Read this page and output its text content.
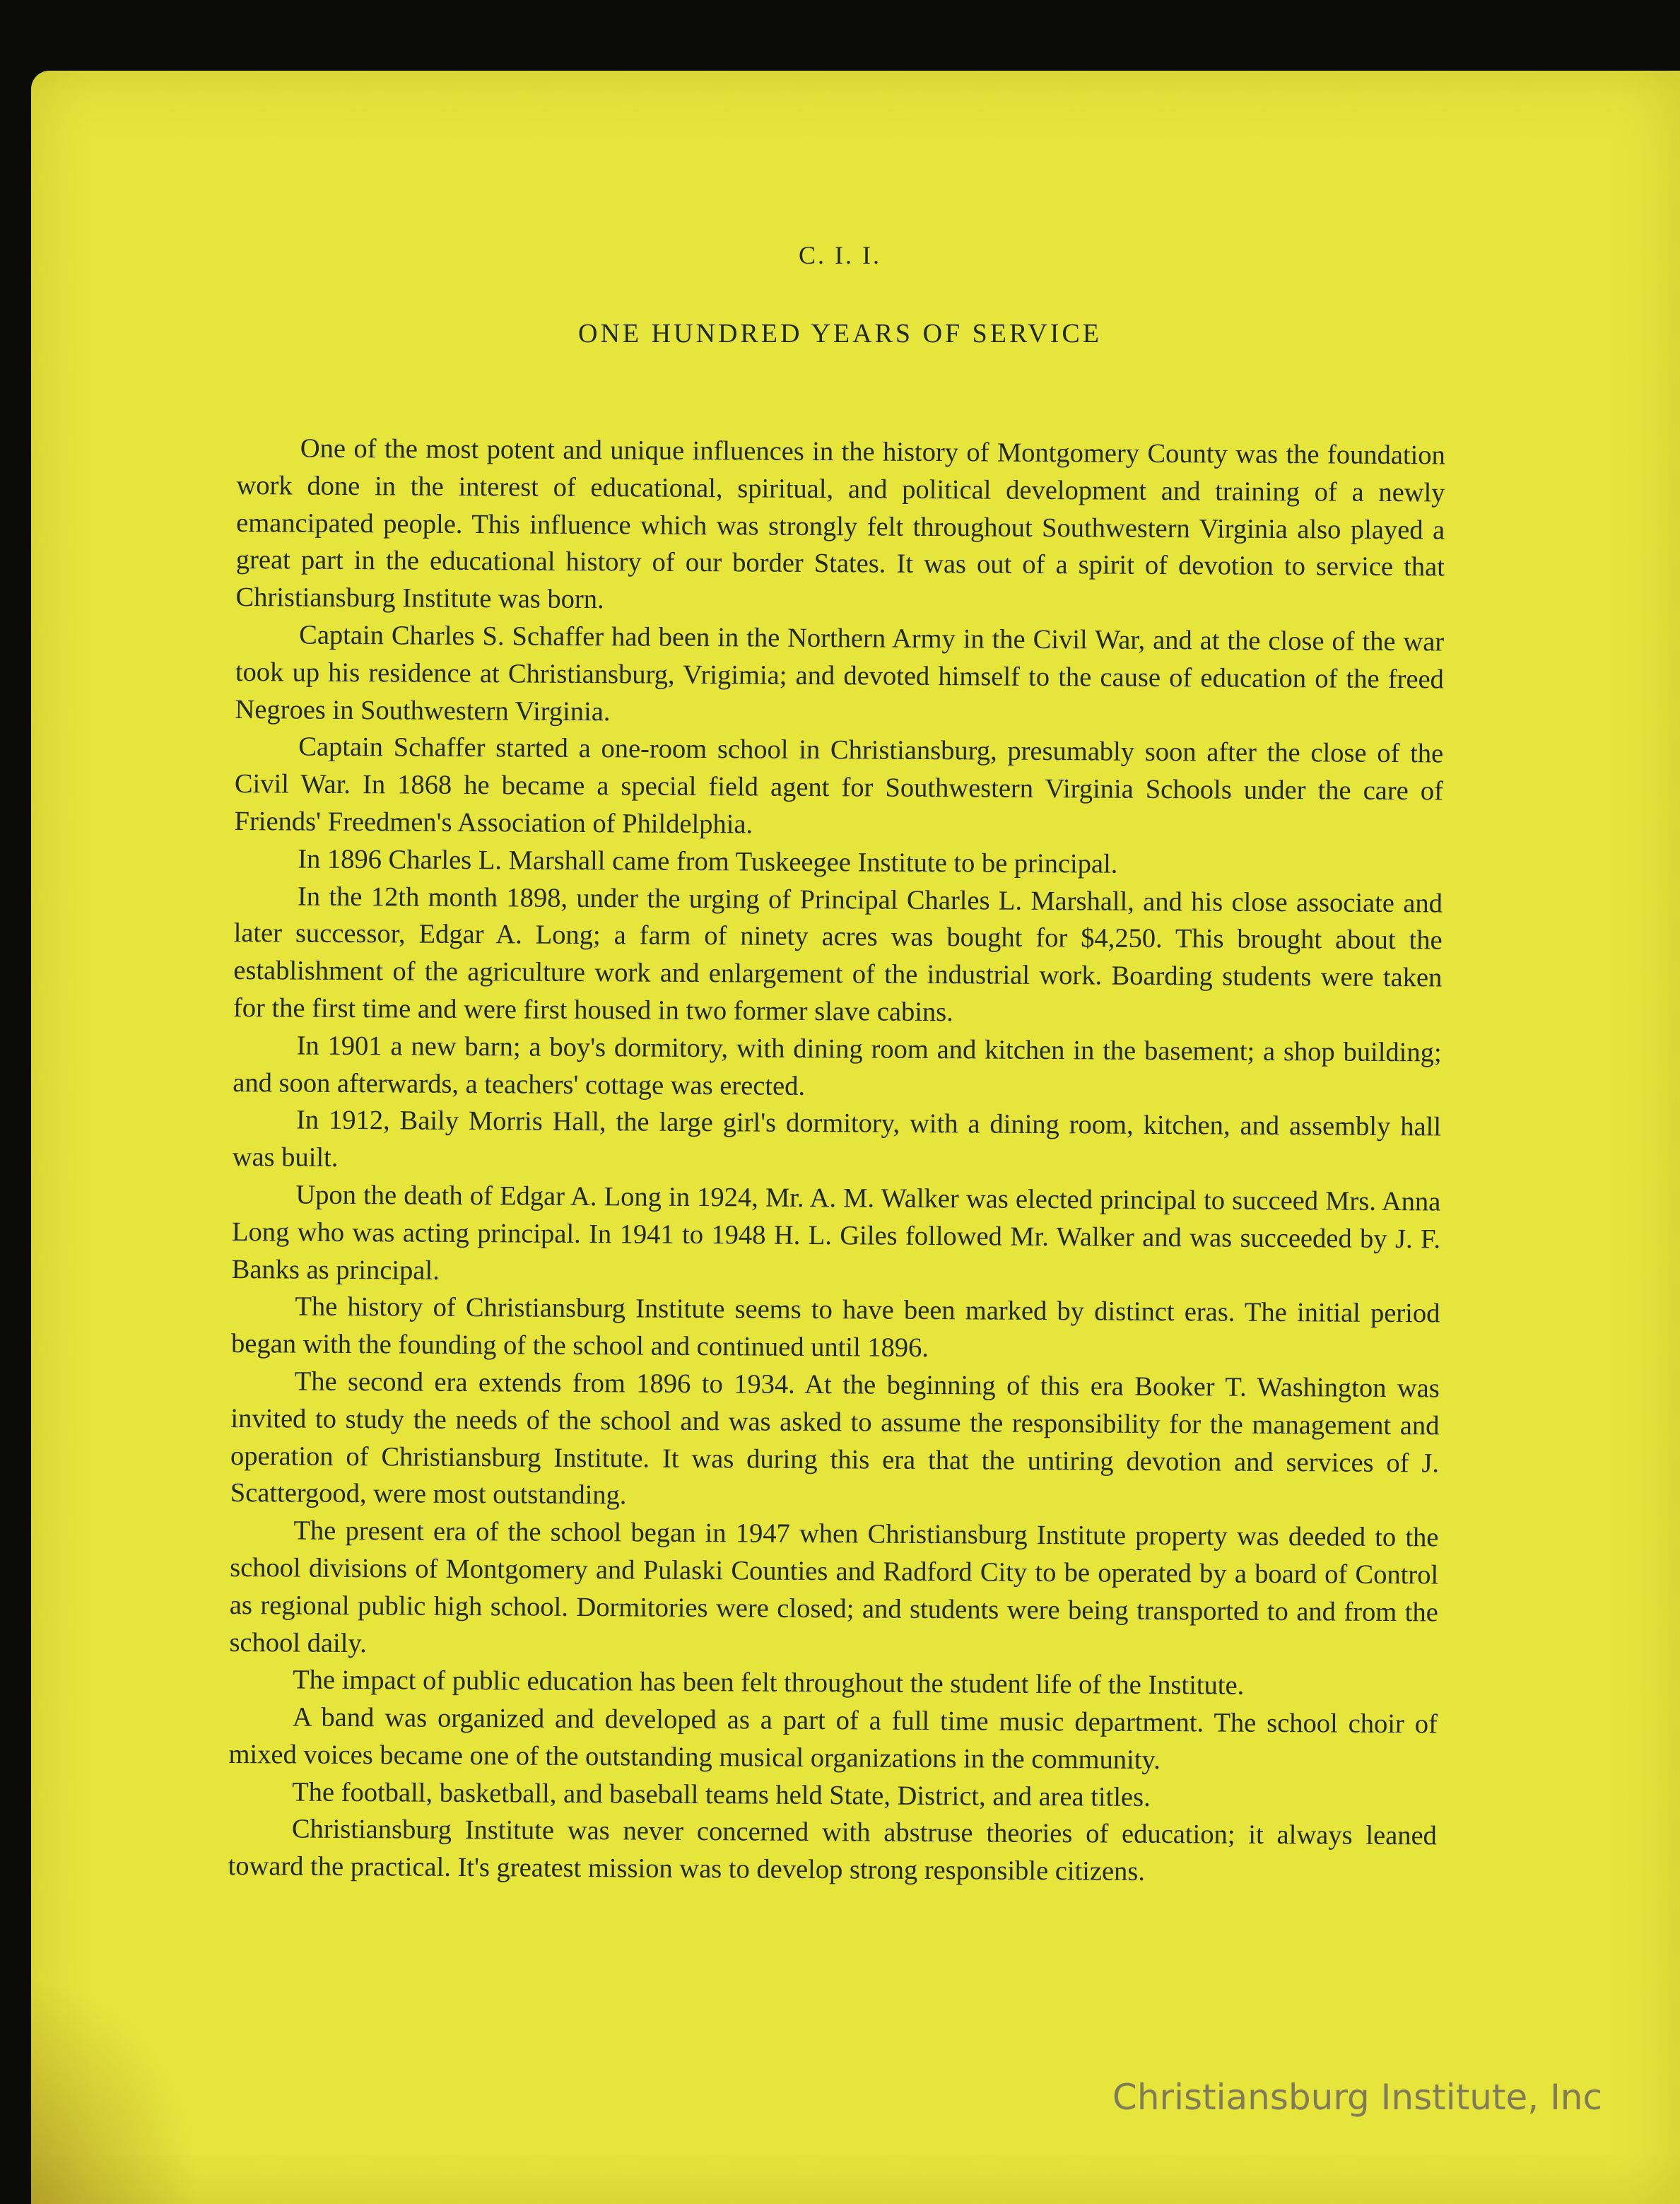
C. I. I.
ONE HUNDRED YEARS OF SERVICE

One of the most potent and unique influences in the history of Montgomery County was the foundation work done in the interest of educational, spiritual, and political development and training of a newly emancipated people. This influence which was strongly felt throughout Southwestern Virginia also played a great part in the educational history of our border States. It was out of a spirit of devotion to service that Christiansburg Institute was born.

Captain Charles S. Schaffer had been in the Northern Army in the Civil War, and at the close of the war took up his residence at Christiansburg, Vrigimia; and devoted himself to the cause of education of the freed Negroes in Southwestern Virginia.

Captain Schaffer started a one-room school in Christiansburg, presumably soon after the close of the Civil War. In 1868 he became a special field agent for Southwestern Virginia Schools under the care of Friends' Freedmen's Association of Phildelphia.

In 1896 Charles L. Marshall came from Tuskeegee Institute to be principal.

In the 12th month 1898, under the urging of Principal Charles L. Marshall, and his close associate and later successor, Edgar A. Long; a farm of ninety acres was bought for $4,250. This brought about the establishment of the agriculture work and enlargement of the industrial work. Boarding students were taken for the first time and were first housed in two former slave cabins.

In 1901 a new barn; a boy's dormitory, with dining room and kitchen in the basement; a shop building; and soon afterwards, a teachers' cottage was erected.

In 1912, Baily Morris Hall, the large girl's dormitory, with a dining room, kitchen, and assembly hall was built.

Upon the death of Edgar A. Long in 1924, Mr. A. M. Walker was elected principal to succeed Mrs. Anna Long who was acting principal. In 1941 to 1948 H. L. Giles followed Mr. Walker and was succeeded by J. F. Banks as principal.

The history of Christiansburg Institute seems to have been marked by distinct eras. The initial period began with the founding of the school and continued until 1896.

The second era extends from 1896 to 1934. At the beginning of this era Booker T. Washington was invited to study the needs of the school and was asked to assume the responsibility for the management and operation of Christiansburg Institute. It was during this era that the untiring devotion and services of J. Scattergood, were most outstanding.

The present era of the school began in 1947 when Christiansburg Institute property was deeded to the school divisions of Montgomery and Pulaski Counties and Radford City to be operated by a board of Control as regional public high school. Dormitories were closed; and students were being transported to and from the school daily.

The impact of public education has been felt throughout the student life of the Institute.

A band was organized and developed as a part of a full time music department. The school choir of mixed voices became one of the outstanding musical organizations in the community.

The football, basketball, and baseball teams held State, District, and area titles.

Christiansburg Institute was never concerned with abstruse theories of education; it always leaned toward the practical. It's greatest mission was to develop strong responsible citizens.

Christiansburg Institute, Inc
